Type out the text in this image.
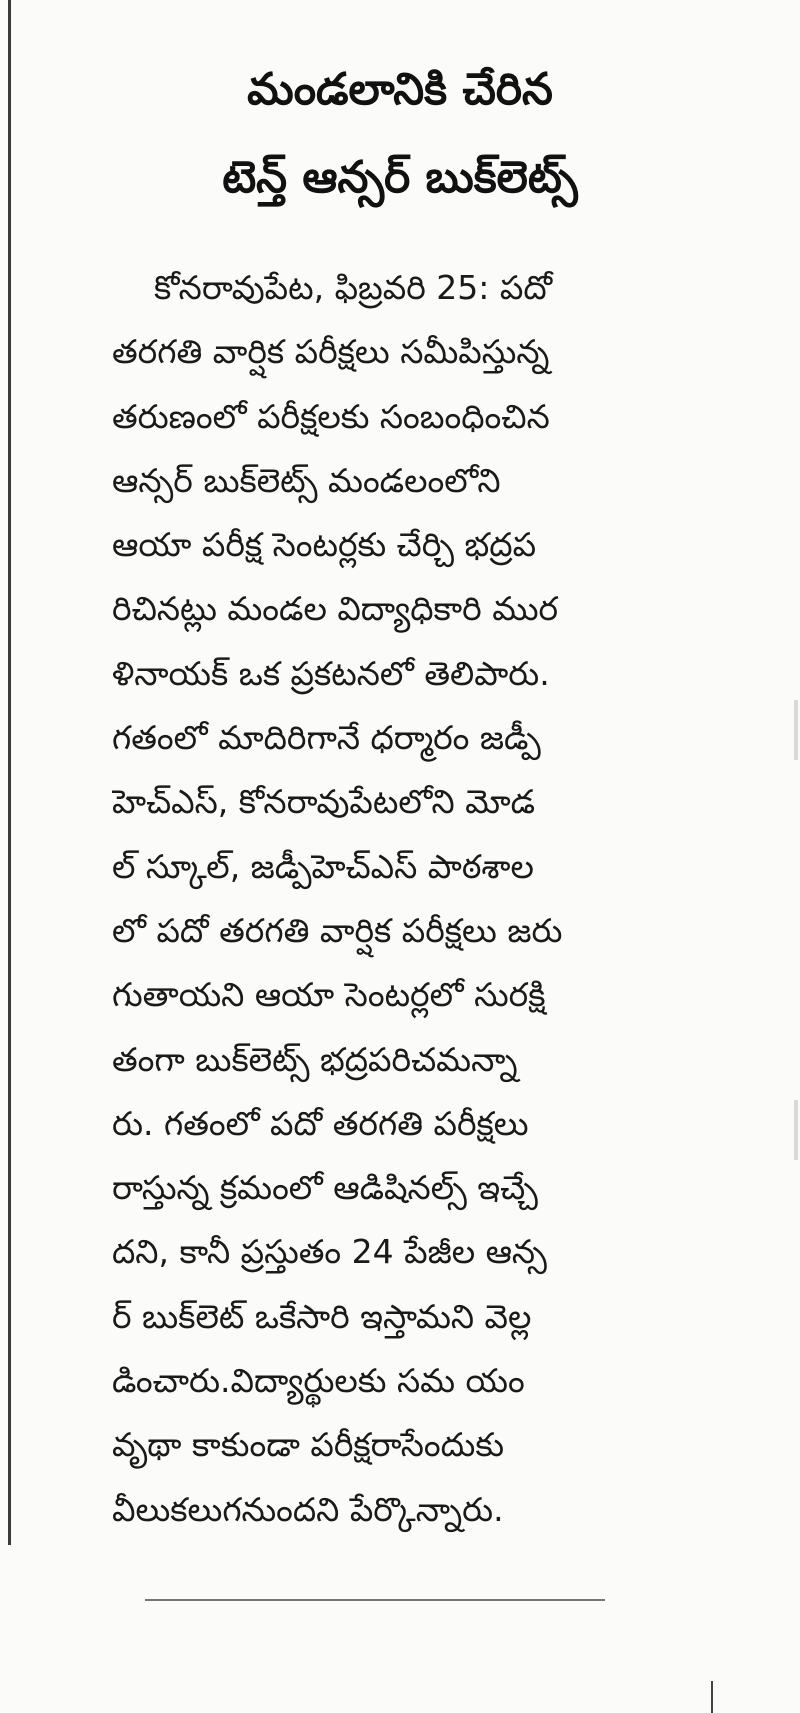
మండలానికి చేరిన
టెన్త్ ఆన్సర్ బుక్‌లెట్స్
కోనరావుపేట, ఫిబ్రవరి 25: పదో
తరగతి వార్షిక పరీక్షలు సమీపిస్తున్న
తరుణంలో పరీక్షలకు సంబంధించిన
ఆన్సర్ బుక్‌లెట్స్ మండలంలోని
ఆయా పరీక్ష సెంటర్లకు చేర్చి భద్రప
రిచినట్లు మండల విద్యాధికారి ముర
ళినాయక్ ఒక ప్రకటనలో తెలిపారు.
గతంలో మాదిరిగానే ధర్మారం జడ్పీ
హెచ్ఎస్, కోనరావుపేటలోని మోడ
ల్ స్కూల్, జడ్పీహెచ్ఎస్ పాఠశాల
లో పదో తరగతి వార్షిక పరీక్షలు జరు
గుతాయని ఆయా సెంటర్లలో సురక్షి
తంగా బుక్‌లెట్స్ భద్రపరిచమన్నా
రు. గతంలో పదో తరగతి పరీక్షలు
రాస్తున్న క్రమంలో ఆడిషినల్స్ ఇచ్చే
దని, కానీ ప్రస్తుతం 24 పేజీల ఆన్స
ర్ బుక్‌లెట్ ఒకేసారి ఇస్తామని వెల్ల
డించారు.విద్యార్థులకు సమ యం
వృథా కాకుండా పరీక్షరాసేందుకు
వీలుకలుగనుందని పేర్కొన్నారు.
